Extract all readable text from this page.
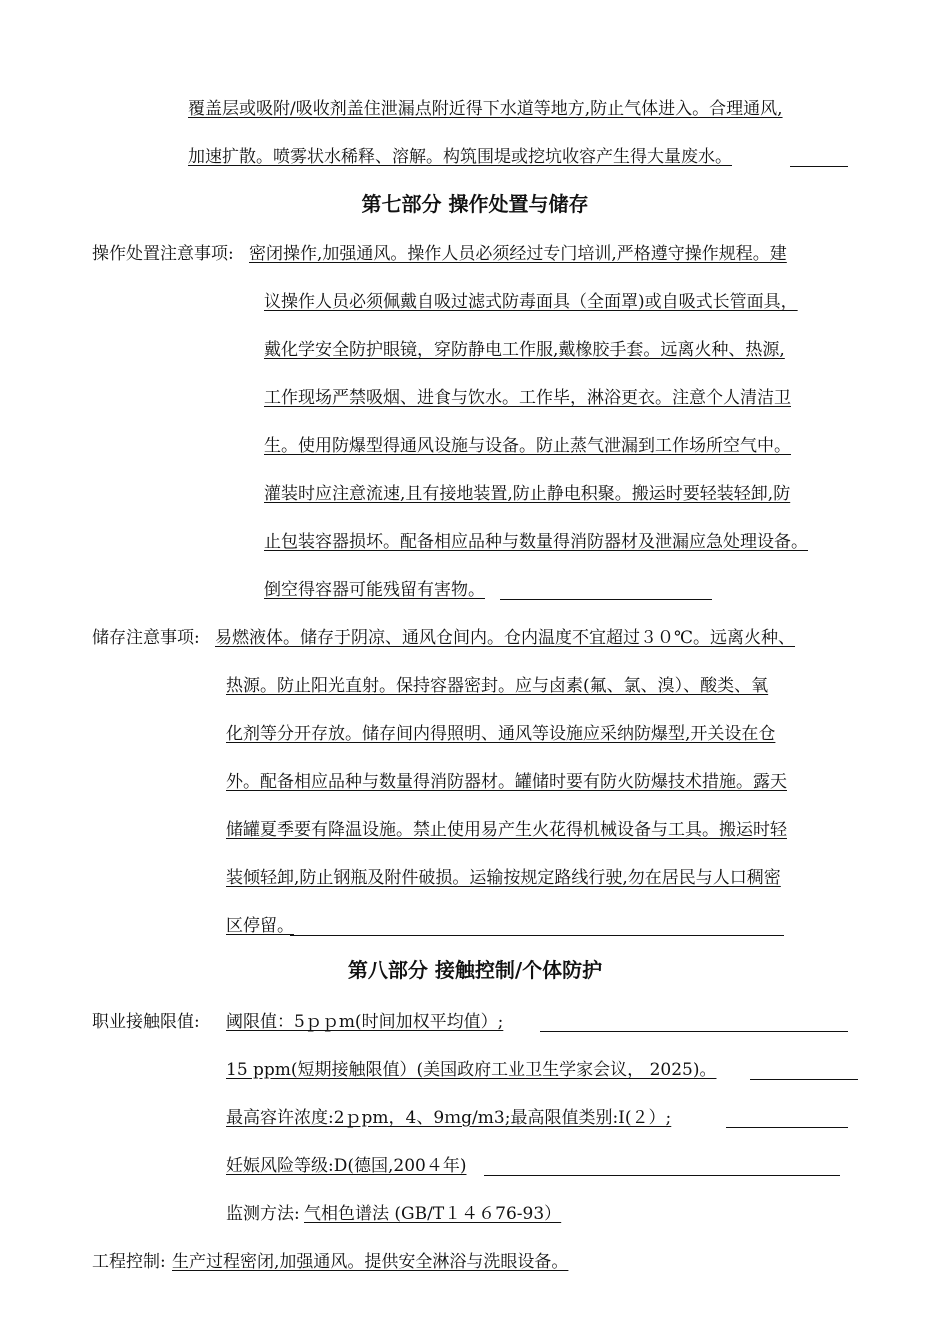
覆盖层或吸附/吸收剂盖住泄漏点附近得下水道等地方,防止气体进入。合理通风,
加速扩散。喷雾状水稀释、溶解。构筑围堤或挖坑收容产生得大量废水。
第七部分 操作处置与储存
操作处置注意事项: 密闭操作,加强通风。操作人员必须经过专门培训,严格遵守操作规程。建
议操作人员必须佩戴自吸过滤式防毒面具（全面罩)或自吸式长管面具，
戴化学安全防护眼镜，穿防静电工作服,戴橡胶手套。远离火种、热源,
工作现场严禁吸烟、进食与饮水。工作毕，淋浴更衣。注意个人清洁卫
生。使用防爆型得通风设施与设备。防止蒸气泄漏到工作场所空气中。
灌装时应注意流速,且有接地装置,防止静电积聚。搬运时要轻装轻卸,防
止包装容器损坏。配备相应品种与数量得消防器材及泄漏应急处理设备。
倒空得容器可能残留有害物。
储存注意事项: 易燃液体。储存于阴凉、通风仓间内。仓内温度不宜超过３０℃。远离火种、
热源。防止阳光直射。保持容器密封。应与卤素(氟、氯、溴）、酸类、氧
化剂等分开存放。储存间内得照明、通风等设施应采纳防爆型,开关设在仓
外。配备相应品种与数量得消防器材。罐储时要有防火防爆技术措施。露天
储罐夏季要有降温设施。禁止使用易产生火花得机械设备与工具。搬运时轻
装倾轻卸,防止钢瓶及附件破损。运输按规定路线行驶,勿在居民与人口稠密
区停留。
第八部分 接触控制/个体防护
职业接触限值: 阈限值：5ｐｐm(时间加权平均值）;
15 ppm(短期接触限值）(美国政府工业卫生学家会议， 2025)。
最高容许浓度:2ｐpm，4、9ｍg/m3;最高限值类别:Ⅰ(２）;
妊娠风险等级:D(德国,200４年)
监测方法: 气相色谱法 (GB/T１４６76-93）
工程控制: 生产过程密闭,加强通风。提供安全淋浴与洗眼设备。
